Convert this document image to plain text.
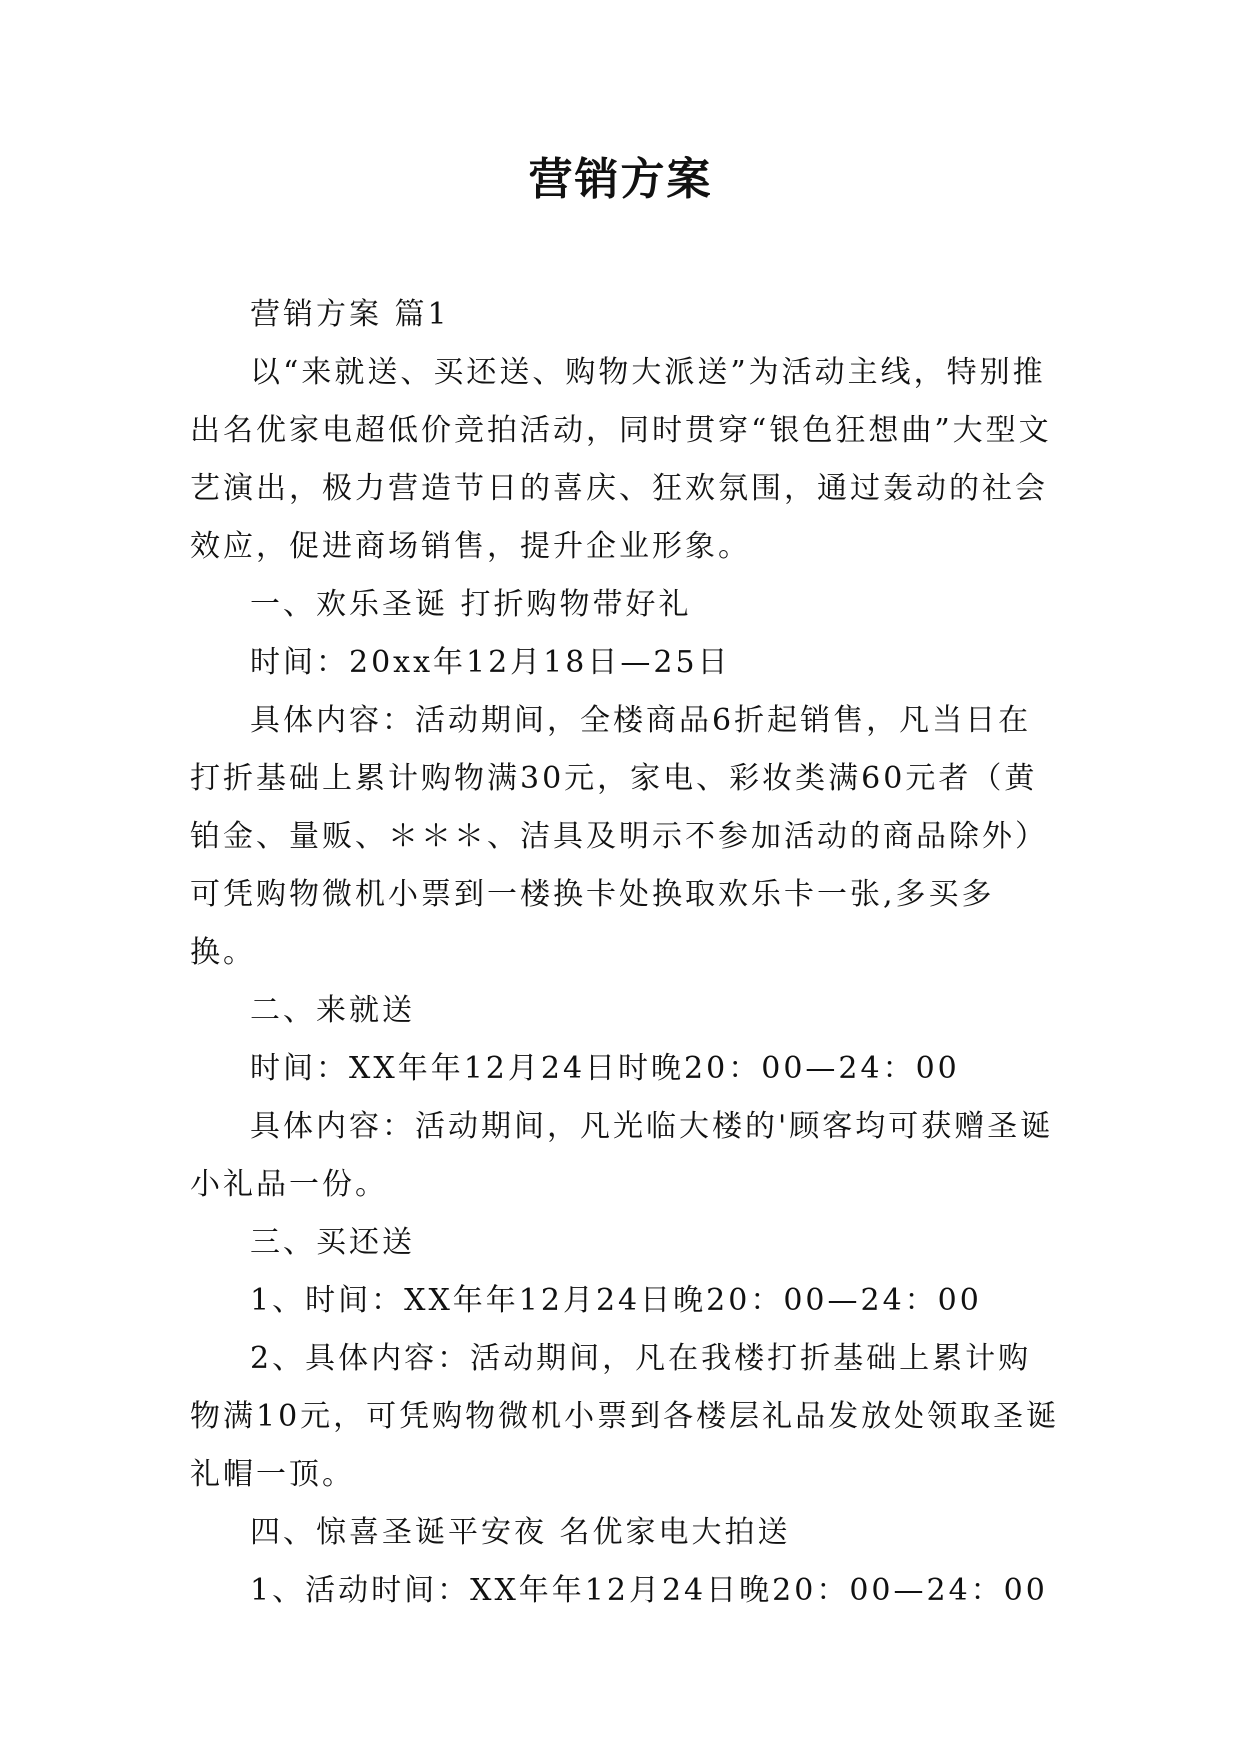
营销方案

营销方案 篇1

以“来就送、买还送、购物大派送”为活动主线，特别推出名优家电超低价竞拍活动，同时贯穿“银色狂想曲”大型文艺演出，极力营造节日的喜庆、狂欢氛围，通过轰动的社会效应，促进商场销售，提升企业形象。

一、欢乐圣诞 打折购物带好礼

时间：20xx年12月18日—25日

具体内容：活动期间，全楼商品6折起销售，凡当日在打折基础上累计购物满30元，家电、彩妆类满60元者（黄铂金、量贩、＊＊＊、洁具及明示不参加活动的商品除外）可凭购物微机小票到一楼换卡处换取欢乐卡一张,多买多换。

二、来就送

时间：XX年年12月24日时晚20：00—24：00

具体内容：活动期间，凡光临大楼的'顾客均可获赠圣诞小礼品一份。

三、买还送

1、时间：XX年年12月24日晚20：00—24：00

2、具体内容：活动期间，凡在我楼打折基础上累计购物满10元，可凭购物微机小票到各楼层礼品发放处领取圣诞礼帽一顶。

四、惊喜圣诞平安夜 名优家电大拍送

1、活动时间：XX年年12月24日晚20：00—24：00
